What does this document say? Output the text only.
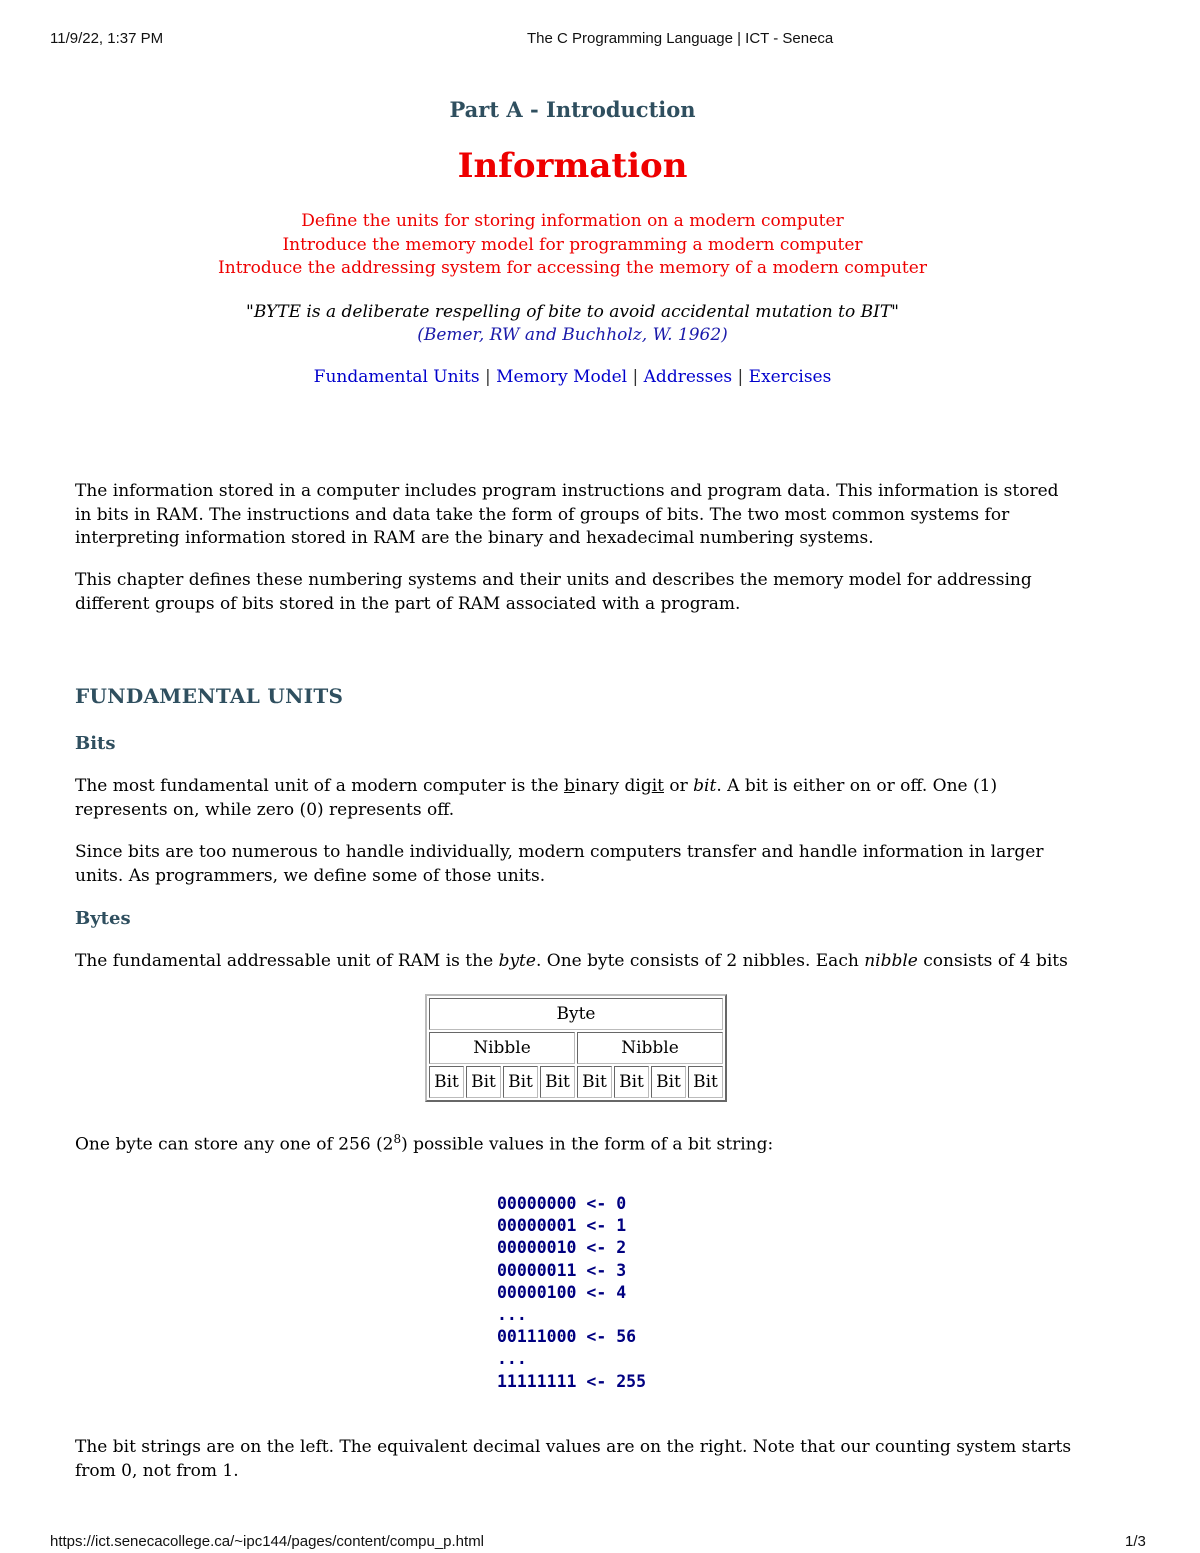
11/9/22, 1:37 PM	The C Programming Language | ICT - Seneca
Part A - Introduction
Information
Define the units for storing information on a modern computer
Introduce the memory model for programming a modern computer
Introduce the addressing system for accessing the memory of a modern computer
"BYTE is a deliberate respelling of bite to avoid accidental mutation to BIT"
(Bemer, RW and Buchholz, W. 1962)
Fundamental Units | Memory Model | Addresses | Exercises

The information stored in a computer includes program instructions and program data. This information is stored in bits in RAM. The instructions and data take the form of groups of bits. The two most common systems for interpreting information stored in RAM are the binary and hexadecimal numbering systems.

This chapter defines these numbering systems and their units and describes the memory model for addressing different groups of bits stored in the part of RAM associated with a program.

FUNDAMENTAL UNITS
Bits

The most fundamental unit of a modern computer is the binary digit or bit. A bit is either on or off. One (1) represents on, while zero (0) represents off.

Since bits are too numerous to handle individually, modern computers transfer and handle information in larger units. As programmers, we define some of those units.

Bytes

The fundamental addressable unit of RAM is the byte. One byte consists of 2 nibbles. Each nibble consists of 4 bits

Byte							
Nibble				Nibble			
Bit	Bit	Bit	Bit	Bit	Bit	Bit	Bit

One byte can store any one of 256 $(2^8)$ possible values in the form of a bit string:

00000000 <- 0
00000001 <- 1
00000010 <- 2
00000011 <- 3
00000100 <- 4
...
00111000 <- 56
...
11111111 <- 255

The bit strings are on the left. The equivalent decimal values are on the right. Note that our counting system starts from 0, not from 1.

https://ict.senecacollege.ca/~ipc144/pages/content/compu_p.html	1/3
